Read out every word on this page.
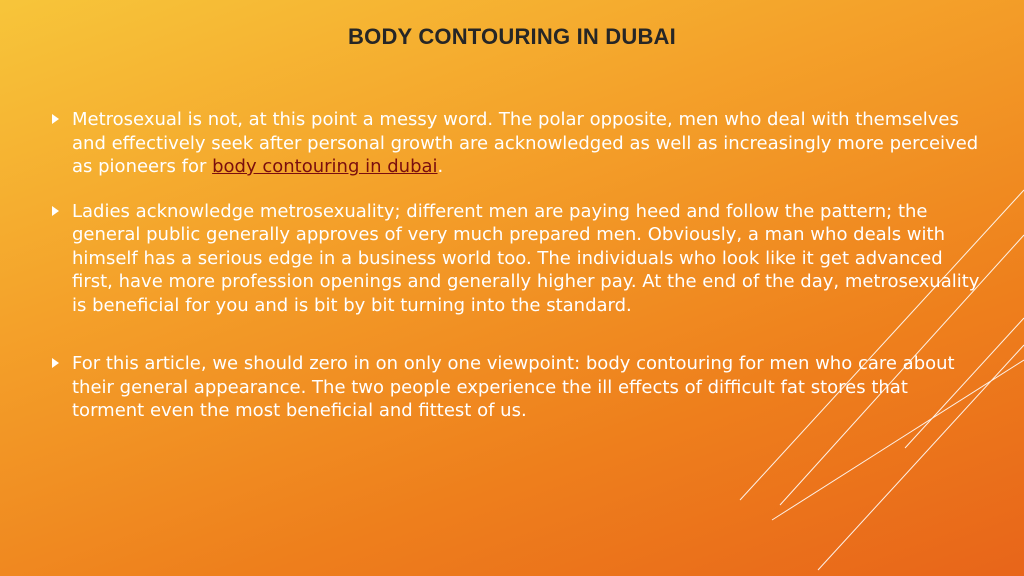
BODY CONTOURING IN DUBAI
Metrosexual is not, at this point a messy word. The polar opposite, men who deal with themselves and effectively seek after personal growth are acknowledged as well as increasingly more perceived as pioneers for body contouring in dubai.
Ladies acknowledge metrosexuality; different men are paying heed and follow the pattern; the general public generally approves of very much prepared men. Obviously, a man who deals with himself has a serious edge in a business world too. The individuals who look like it get advanced first, have more profession openings and generally higher pay. At the end of the day, metrosexuality is beneficial for you and is bit by bit turning into the standard.
For this article, we should zero in on only one viewpoint: body contouring for men who care about their general appearance. The two people experience the ill effects of difficult fat stores that torment even the most beneficial and fittest of us.
